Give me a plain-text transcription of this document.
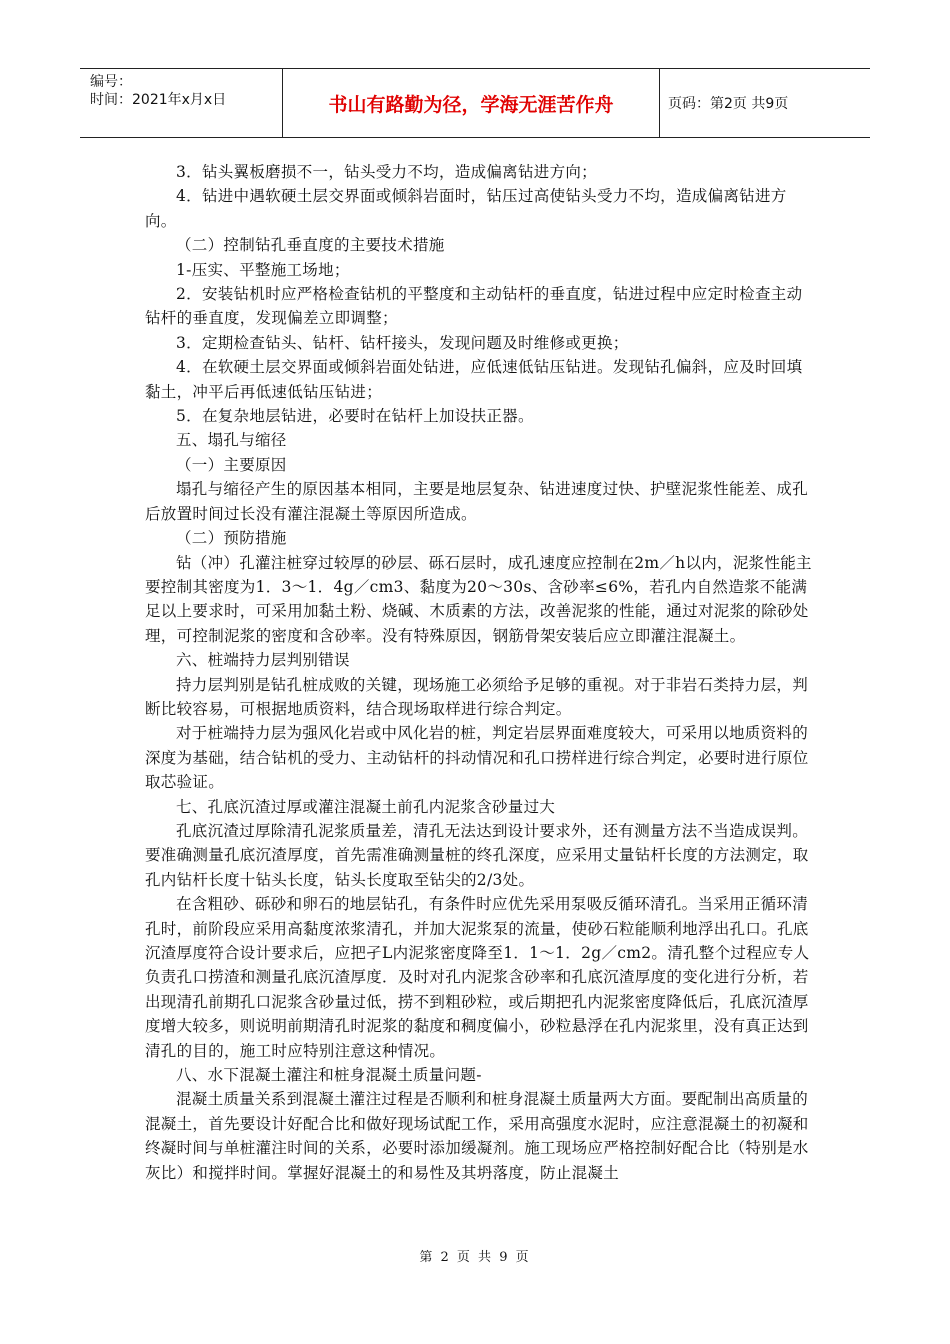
编号：
时间：2021年x月x日	书山有路勤为径，学海无涯苦作舟	页码：第2页 共9页

3．钻头翼板磨损不一，钻头受力不均，造成偏离钻进方向；

4．钻进中遇软硬土层交界面或倾斜岩面时，钻压过高使钻头受力不均，造成偏离钻进方向。

（二）控制钻孔垂直度的主要技术措施

1-压实、平整施工场地；

2．安装钻机时应严格检查钻机的平整度和主动钻杆的垂直度，钻进过程中应定时检查主动钻杆的垂直度，发现偏差立即调整；

3．定期检查钻头、钻杆、钻杆接头，发现问题及时维修或更换；

4．在软硬土层交界面或倾斜岩面处钻进，应低速低钻压钻进。发现钻孔偏斜，应及时回填黏土，冲平后再低速低钻压钻进；

5．在复杂地层钻进，必要时在钻杆上加设扶正器。

五、塌孔与缩径

（一）主要原因

塌孔与缩径产生的原因基本相同，主要是地层复杂、钻进速度过快、护壁泥浆性能差、成孔后放置时间过长没有灌注混凝土等原因所造成。

（二）预防措施

钻（冲）孔灌注桩穿过较厚的砂层、砾石层时，成孔速度应控制在2m／h以内，泥浆性能主要控制其密度为1．3～1．4g／cm3、黏度为20～30s、含砂率≤6%，若孔内自然造浆不能满足以上要求时，可采用加黏土粉、烧碱、木质素的方法，改善泥浆的性能，通过对泥浆的除砂处理，可控制泥浆的密度和含砂率。没有特殊原因，钢筋骨架安装后应立即灌注混凝土。

六、桩端持力层判别错误

持力层判别是钻孔桩成败的关键，现场施工必须给予足够的重视。对于非岩石类持力层，判断比较容易，可根据地质资料，结合现场取样进行综合判定。

对于桩端持力层为强风化岩或中风化岩的桩，判定岩层界面难度较大，可采用以地质资料的深度为基础，结合钻机的受力、主动钻杆的抖动情况和孔口捞样进行综合判定，必要时进行原位取芯验证。

七、孔底沉渣过厚或灌注混凝土前孔内泥浆含砂量过大

孔底沉渣过厚除清孔泥浆质量差，清孔无法达到设计要求外，还有测量方法不当造成误判。要准确测量孔底沉渣厚度，首先需准确测量桩的终孔深度，应采用丈量钻杆长度的方法测定，取孔内钻杆长度十钻头长度，钻头长度取至钻尖的2/3处。

在含粗砂、砾砂和卵石的地层钻孔，有条件时应优先采用泵吸反循环清孔。当采用正循环清孔时，前阶段应采用高黏度浓浆清孔，并加大泥浆泵的流量，使砂石粒能顺利地浮出孔口。孔底沉渣厚度符合设计要求后，应把孑L内泥浆密度降至1．1～1．2g／cm2。清孔整个过程应专人负责孔口捞渣和测量孔底沉渣厚度．及时对孔内泥浆含砂率和孔底沉渣厚度的变化进行分析，若出现清孔前期孔口泥浆含砂量过低，捞不到粗砂粒，或后期把孔内泥浆密度降低后，孔底沉渣厚度增大较多，则说明前期清孔时泥浆的黏度和稠度偏小，砂粒悬浮在孔内泥浆里，没有真正达到清孔的目的，施工时应特别注意这种情况。

八、水下混凝土灌注和桩身混凝土质量问题-

混凝土质量关系到混凝土灌注过程是否顺利和桩身混凝土质量两大方面。要配制出高质量的混凝土，首先要设计好配合比和做好现场试配工作，采用高强度水泥时，应注意混凝土的初凝和终凝时间与单桩灌注时间的关系，必要时添加缓凝剂。施工现场应严格控制好配合比（特别是水灰比）和搅拌时间。掌握好混凝土的和易性及其坍落度，防止混凝土

第 2 页 共 9 页
